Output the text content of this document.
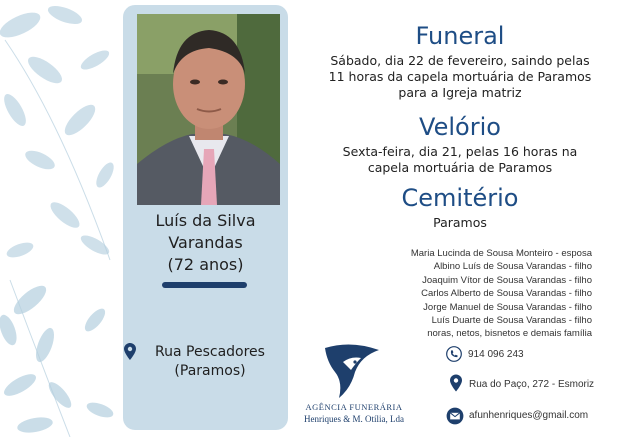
Luís da Silva
Varandas
(72 anos)
Rua Pescadores
(Paramos)
Funeral
Sábado, dia 22 de fevereiro, saindo pelas
11 horas da capela mortuária de Paramos
para a Igreja matriz
Velório
Sexta-feira, dia 21, pelas 16 horas na
capela mortuária de Paramos
Cemitério
Paramos
Maria Lucinda de Sousa Monteiro - esposa
Albino Luís de Sousa Varandas - filho
Joaquim Vítor de Sousa Varandas - filho
Carlos Alberto de Sousa Varandas - filho
Jorge Manuel de Sousa Varandas - filho
Luís Duarte de Sousa Varandas - filho
noras, netos, bisnetos e demais família
AGÊNCIA FUNERÁRIA
Henriques & M. Otília, Lda
914 096 243
Rua do Paço, 272 - Esmoriz
afunhenriques@gmail.com
